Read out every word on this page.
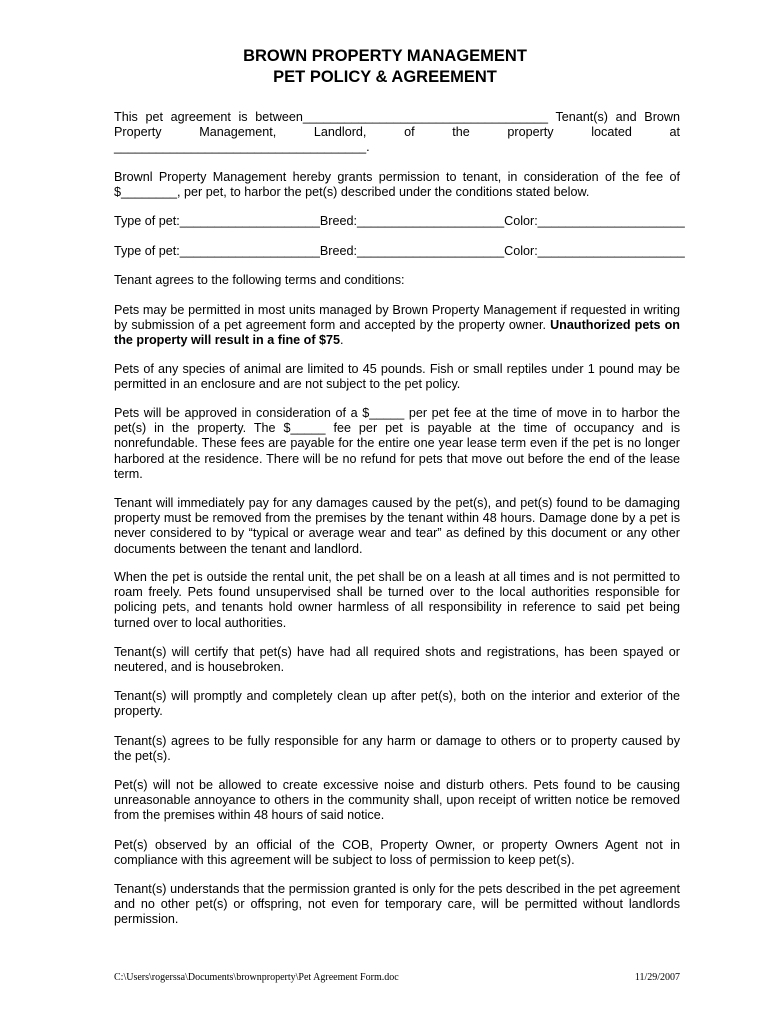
BROWN PROPERTY MANAGEMENT
PET POLICY & AGREEMENT
This pet agreement is between___________________________________ Tenant(s) and Brown
Property Management, Landlord, of the property located at
____________________________________.

Brownl Property Management hereby grants permission to tenant, in consideration of the fee of $________, per pet, to harbor the pet(s) described under the conditions stated below.

Type of pet:____________________Breed:_____________________Color:_____________________
Type of pet:____________________Breed:_____________________Color:_____________________
Tenant agrees to the following terms and conditions:

Pets may be permitted in most units managed by Brown Property Management if requested in writing by submission of a pet agreement form and accepted by the property owner. Unauthorized pets on the property will result in a fine of $75.

Pets of any species of animal are limited to 45 pounds. Fish or small reptiles under 1 pound may be permitted in an enclosure and are not subject to the pet policy.

Pets will be approved in consideration of a $_____ per pet fee at the time of move in to harbor the pet(s) in the property. The $_____ fee per pet is payable at the time of occupancy and is nonrefundable. These fees are payable for the entire one year lease term even if the pet is no longer harbored at the residence. There will be no refund for pets that move out before the end of the lease term.

Tenant will immediately pay for any damages caused by the pet(s), and pet(s) found to be damaging property must be removed from the premises by the tenant within 48 hours. Damage done by a pet is never considered to by “typical or average wear and tear” as defined by this document or any other documents between the tenant and landlord.

When the pet is outside the rental unit, the pet shall be on a leash at all times and is not permitted to roam freely. Pets found unsupervised shall be turned over to the local authorities responsible for policing pets, and tenants hold owner harmless of all responsibility in reference to said pet being turned over to local authorities.

Tenant(s) will certify that pet(s) have had all required shots and registrations, has been spayed or neutered, and is housebroken.

Tenant(s) will promptly and completely clean up after pet(s), both on the interior and exterior of the property.

Tenant(s) agrees to be fully responsible for any harm or damage to others or to property caused by the pet(s).

Pet(s) will not be allowed to create excessive noise and disturb others. Pets found to be causing unreasonable annoyance to others in the community shall, upon receipt of written notice be removed from the premises within 48 hours of said notice.

Pet(s) observed by an official of the COB, Property Owner, or property Owners Agent not in compliance with this agreement will be subject to loss of permission to keep pet(s).

Tenant(s) understands that the permission granted is only for the pets described in the pet agreement and no other pet(s) or offspring, not even for temporary care, will be permitted without landlords permission.

C:\Users\rogerssa\Documents\brownproperty\Pet Agreement Form.doc	11/29/2007
